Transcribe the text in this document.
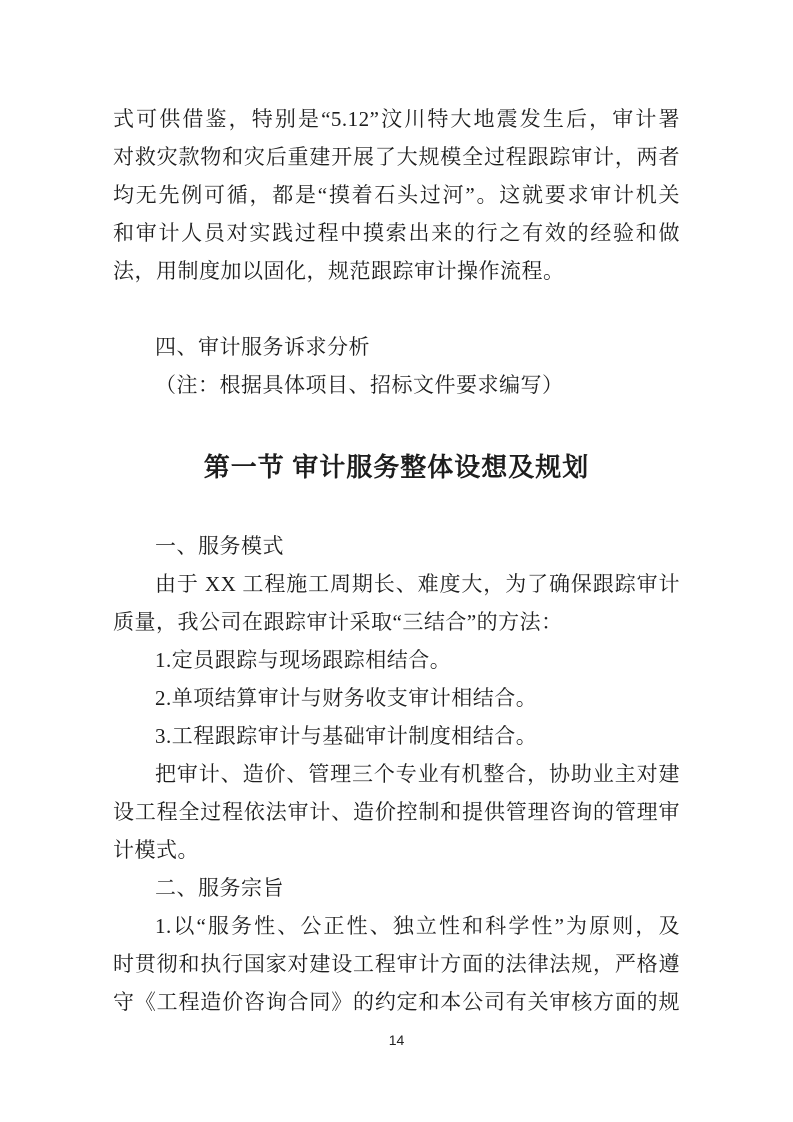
式可供借鉴，特别是“5.12”汶川特大地震发生后，审计署
对救灾款物和灾后重建开展了大规模全过程跟踪审计，两者
均无先例可循，都是“摸着石头过河”。这就要求审计机关
和审计人员对实践过程中摸索出来的行之有效的经验和做
法，用制度加以固化，规范跟踪审计操作流程。
四、审计服务诉求分析
（注：根据具体项目、招标文件要求编写）
第一节 审计服务整体设想及规划
一、服务模式
由于 XX 工程施工周期长、难度大，为了确保跟踪审计
质量，我公司在跟踪审计采取“三结合”的方法：
1.定员跟踪与现场跟踪相结合。
2.单项结算审计与财务收支审计相结合。
3.工程跟踪审计与基础审计制度相结合。
把审计、造价、管理三个专业有机整合，协助业主对建
设工程全过程依法审计、造价控制和提供管理咨询的管理审
计模式。
二、服务宗旨
1.以“服务性、公正性、独立性和科学性”为原则，及
时贯彻和执行国家对建设工程审计方面的法律法规，严格遵
守《工程造价咨询合同》的约定和本公司有关审核方面的规
14
